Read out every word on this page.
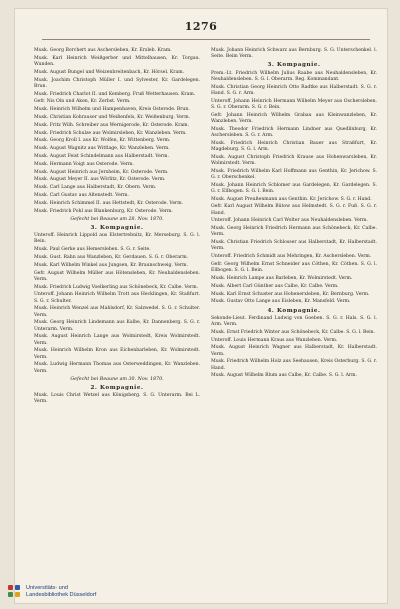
1276
Musk. Georg Borchert aus Aschersleben, Kr. Erxleb. Kram.
Musk. Karl Heinrich Weißgerber und Mittelhausen, Kr. Torgau. Wunden.
Musk. August Bungel und Weizenbreitenbach, Kr. Hörsel. Kram.
Musk. Joachim Christoph Müller I. und Sylvester, Kr. Gardelegen. Brun.
Musk. Friedrich Charlot II. und Kemberg. Fruß Wetterhausen. Kram.
Gefr. Nis Oln und Aken, Kr. Zerbst. Verm.
Musk. Heinrich Wilhelm und Hampenhaven, Kreis Osterode. Brun.
Musk. Christian Kohrauser und Weißenfels, Kr. Weißenburg. Verm.
Musk. Fritz Wilh. Schreiber aus Wernigerode, Kr. Osterode. Kram.
Musk. Friedrich Schulze aus Wolmirsleben, Kr. Wanzleben. Verm.
Musk. Georg Kroll I. aus Kr. Wolfen, Kr. Wittenberg. Verm.
Musk. August Wagnitz aus Wittlage, Kr. Wanzleben. Verm.
Musk. August Feist Schindelmann aus Halberstadt. Verm.
Musk. Hermann Voigt aus Osterode. Verm.
Musk. August Heinrich aus Jerxheim, Kr. Osterode. Verm.
Musk. August Meyer II. aus Wörlitz, Kr. Osterode. Verm.
Musk. Carl Lange aus Halberstadt, Kr. Obern. Verm.
Musk. Carl Gustav aus Altenstedt. Verm.
Musk. Heinrich Schimmel II. aus Hettstedt, Kr. Osterode. Verm.
Musk. Friedrich Pohl aus Blankenburg, Kr. Osterode. Verm.
Gefecht bei Beaune am 28. Nov. 1870.
3. Kompagnie.
Unteroff. Heinrich Lippold aus Elstertrebnitz, Kr. Merseburg. S. G. l. Bein.
Musk. Paul Gerke aus Hemersleben. S. G. r. Seite.
Musk. Gust. Rahn aus Wanzleben, Kr. Gerdauen. S. G. r. Oberarm.
Musk. Karl Wilhelm Winkel aus Jungsen, Kr. Braunschweig. Verm.
Gefr. August Wilhelm Müller aus Hötensleben, Kr. Neuhaldensleben. Verm.
Musk. Friedrich Ludwig Voelkerling aus Schönebeck, Kr. Calbe. Verm.
Unteroff. Johann Heinrich Wilhelm Trott aus Hecklingen, Kr. Staßfurt. S. G. r. Schulter.
Musk. Heinrich Wenzel aus Mahlsdorf, Kr. Salzwedel. S. G. r. Schulter. Verm.
Musk. Georg Heinrich Lindemann aus Kalbe, Kr. Dannenberg. S. G. r. Unterarm. Verm.
Musk. August Heinrich Lange aus Wolmirstedt, Kreis Wolmirstedt. Verm.
Musk. Heinrich Wilhelm Kron aus Eichenbarleben, Kr. Wolmirstedt. Verm.
Musk. Ludwig Hermann Thomas aus Osterweddingen, Kr. Wanzleben. Verm.
Gefecht bei Beaune am 30. Nov. 1870.
2. Kompagnie.
Musk. Louis Christ Wetzel aus Königsberg. S. G. Unterarm. Bei L. Verm.
Musk. Johann Heinrich Schwarz aus Bernburg. S. G. Unterschenkel. l. Seite. Beim Verm.
3. Kompagnie.
Prem.-Lt. Friedrich Wilhelm Julius Raabe aus Neuhaldensleben, Kr. Neuhaldensleben. S. G. l. Oberarm. Reg. Kommandant.
Musk. Christian Georg Heinrich Otto Radtke aus Halberstadt. S. G. r. Hand. S. G. r. Arm.
Unteroff. Johann Heinrich Hermann Wilhelm Meyer aus Oschersleben. S. G. r. Oberarm. S. G. r. Bein.
Gefr. Johann Heinrich Wilhelm Grabau aus Kleinwanzleben, Kr. Wanzleben. Verm.
Musk. Theodor Friedrich Hermann Lindner aus Quedlinburg, Kr. Aschersleben. S. G. r. Arm.
Musk. Friedrich Heinrich Christian Bauer aus Straßfurt, Kr. Magdeburg. S. G. l. Arm.
Musk. August Christoph Friedrich Krause aus Hohenwarsleben, Kr. Wolmirstedt. Verm.
Musk. Friedrich Wilhelm Karl Hoffmann aus Genthin, Kr. Jerichow. S. G. r. Oberschenkel.
Musk. Johann Heinrich Schlomer aus Gardelegen, Kr. Gardelegen. S. G. r. Ellbogen. S. G. l. Bein.
Musk. August Preußenmann aus Genthin. Kr. Jerichow. S. G. r. Hand.
Gefr. Karl August Wilhelm Bütow aus Helmstedt. S. G. r. Fuß. S. G. r. Hand.
Unteroff. Johann Heinrich Carl Wolter aus Neuhaldensleben. Verm.
Musk. Georg Heinrich Friedrich Hermann aus Schönebeck, Kr. Calbe. Verm.
Musk. Christian Friedrich Schlosser aus Halberstadt, Kr. Halberstadt. Verm.
Unteroff. Friedrich Schmidt aus Mehringen, Kr. Aschersleben. Verm.
Gefr. Georg Wilhelm Ernst Schneider aus Cöthen, Kr. Cöthen. S. G. l. Ellbogen. S. G. l. Bein.
Musk. Heinrich Lampe aus Barleben, Kr. Wolmirstedt. Verm.
Musk. Albert Carl Günther aus Calbe, Kr. Calbe. Verm.
Musk. Karl Ernst Schuster aus Hohenerxleben, Kr. Bernburg. Verm.
Musk. Gustav Otto Lange aus Eisleben, Kr. Mansfeld. Verm.
4. Kompagnie.
Sekonde-Lieut. Ferdinand Ludwig von Goeben. S. G. r. Hals. S. G. l. Arm. Verm.
Musk. Ernst Friedrich Winter aus Schönebeck, Kr. Calbe. S. G. l. Bein.
Unteroff. Louis Hermann Kraus aus Wanzleben. Verm.
Musk. August Heinrich Wagner aus Halberstadt, Kr. Halberstadt. Verm.
Musk. Friedrich Wilhelm Holz aus Seehausen, Kreis Osterburg. S. G. r. Hand.
Musk. August Wilhelm Blum aus Calbe, Kr. Calbe. S. G. l. Arm.
Universitäts- und
Landesbibliothek Düsseldorf
